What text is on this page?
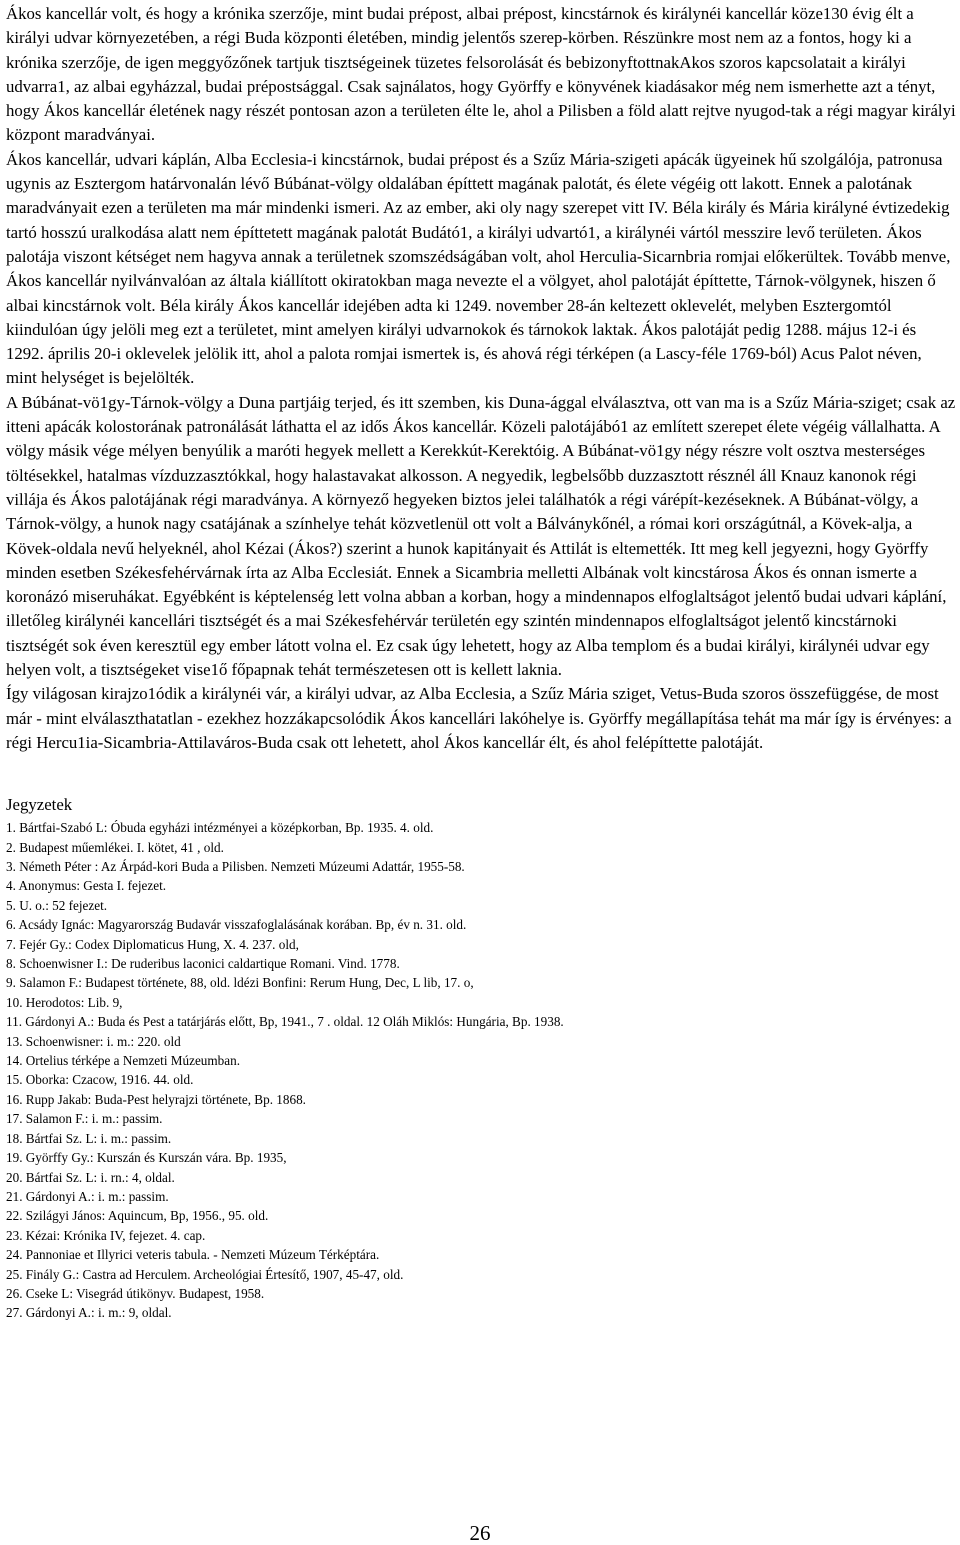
Ákos kancellár volt, és hogy a krónika szerzője, mint budai prépost, albai prépost, kincstárnok és királynéi kancellár köze130 évig élt a királyi udvar környezetében, a régi Buda központi életében, mindig jelentős szerep-körben. Részünkre most nem az a fontos, hogy ki a krónika szerzője, de igen meggyőzőnek tartjuk tisztségeinek tüzetes felsorolását és bebizonyftottnakAkos szoros kapcsolatait a királyi udvarra1, az albai egyházzal, budai prépostsággal. Csak sajnálatos, hogy Györffy e könyvének kiadásakor még nem ismerhette azt a tényt, hogy Ákos kancellár életének nagy részét pontosan azon a területen élte le, ahol a Pilisben a föld alatt rejtve nyugod-tak a régi magyar királyi központ maradványai.

Ákos kancellár, udvari káplán, Alba Ecclesia-i kincstárnok, budai prépost és a Szűz Mária-szigeti apácák ügyeinek hű szolgálója, patronusa ugynis az Esztergom határvonalán lévő Búbánat-völgy oldalában építtett magának palotát, és élete végéig ott lakott. Ennek a palotának maradványait ezen a területen ma már mindenki ismeri. Az az ember, aki oly nagy szerepet vitt IV. Béla király és Mária királyné évtizedekig tartó hosszú uralkodása alatt nem építtetett magának palotát Budátó1, a királyi udvartó1, a királynéi vártól messzire levő területen. Ákos palotája viszont kétséget nem hagyva annak a területnek szomszédságában volt, ahol Herculia-Sicarnbria romjai előkerültek. Tovább menve, Ákos kancellár nyilvánvalóan az általa kiállított okiratokban maga nevezte el a völgyet, ahol palotáját építtette, Tárnok-völgynek, hiszen ő albai kincstárnok volt. Béla király Ákos kancellár idejében adta ki 1249. november 28-án keltezett oklevelét, melyben Esztergomtól kiindulóan úgy jelöli meg ezt a területet, mint amelyen királyi udvarnokok és tárnokok laktak. Ákos palotáját pedig 1288. május 12-i és 1292. április 20-i oklevelek jelölik itt, ahol a palota romjai ismertek is, és ahová régi térképen (a Lascy-féle 1769-ból) Acus Palot néven, mint helységet is bejelölték.

A Búbánat-vö1gy-Tárnok-völgy a Duna partjáig terjed, és itt szemben, kis Duna-ággal elválasztva, ott van ma is a Szűz Mária-sziget; csak az itteni apácák kolostorának patronálását láthatta el az idős Ákos kancellár. Közeli palotájábó1 az említett szerepet élete végéig vállalhatta. A völgy másik vége mélyen benyúlik a maróti hegyek mellett a Kerekkút-Kerektóig. A Búbánat-vö1gy négy részre volt osztva mesterséges töltésekkel, hatalmas vízduzzasztókkal, hogy halastavakat alkosson. A negyedik, legbelsőbb duzzasztott résznél áll Knauz kanonok régi villája és Ákos palotájának régi maradványa. A környező hegyeken biztos jelei találhatók a régi várépít-kezéseknek. A Búbánat-völgy, a Tárnok-völgy, a hunok nagy csatájának a színhelye tehát közvetlenül ott volt a Bálványkőnél, a római kori országútnál, a Kövek-alja, a Kövek-oldala nevű helyeknél, ahol Kézai (Ákos?) szerint a hunok kapitányait és Attilát is eltemették. Itt meg kell jegyezni, hogy Györffy minden esetben Székesfehérvárnak írta az Alba Ecclesiát. Ennek a Sicambria melletti Albának volt kincstárosa Ákos és onnan ismerte a koronázó miseruhákat. Egyébként is képtelenség lett volna abban a korban, hogy a mindennapos elfoglaltságot jelentő budai udvari káplání, illetőleg királynéi kancellári tisztségét és a mai Székesfehérvár területén egy szintén mindennapos elfoglaltságot jelentő kincstárnoki tisztségét sok éven keresztül egy ember látott volna el. Ez csak úgy lehetett, hogy az Alba templom és a budai királyi, királynéi udvar egy helyen volt, a tisztségeket vise1ő főpapnak tehát természetesen ott is kellett laknia.

Így világosan kirajzo1ódik a királynéi vár, a királyi udvar, az Alba Ecclesia, a Szűz Mária sziget, Vetus-Buda szoros összefüggése, de most már - mint elválaszthatatlan - ezekhez hozzákapcsolódik Ákos kancellári lakóhelye is. Györffy megállapítása tehát ma már így is érvényes: a régi Hercu1ia-Sicambria-Attilaváros-Buda csak ott lehetett, ahol Ákos kancellár élt, és ahol felépíttette palotáját.

Jegyzetek
1. Bártfai-Szabó L: Óbuda egyházi intézményei a középkorban, Bp. 1935. 4. old.
2. Budapest műemlékei. I. kötet, 41 , old.
3. Németh Péter : Az Árpád-kori Buda a Pilisben. Nemzeti Múzeumi Adattár, 1955-58.
4. Anonymus: Gesta I. fejezet.
5. U. o.: 52 fejezet.
6. Acsády Ignác: Magyarország Budavár visszafoglalásának korában. Bp, év n. 31. old.
7. Fejér Gy.: Codex Diplomaticus Hung, X. 4. 237. old,
8. Schoenwisner I.: De ruderibus laconici caldartique Romani. Vind. 1778.
9. Salamon F.: Budapest története, 88, old. ldézi Bonfini: Rerum Hung, Dec, L lib, 17. o,
10. Herodotos: Lib. 9,
11. Gárdonyi A.: Buda és Pest a tatárjárás előtt, Bp, 1941., 7 . oldal. 12 Oláh Miklós: Hungária, Bp. 1938.
13. Schoenwisner: i. m.: 220. old
14. Ortelius térképe a Nemzeti Múzeumban.
15. Oborka: Czacow, 1916. 44. old.
16. Rupp Jakab: Buda-Pest helyrajzi története, Bp. 1868.
17. Salamon F.: i. m.: passim.
18. Bártfai Sz. L: i. m.: passim.
19. Györffy Gy.: Kurszán és Kurszán vára. Bp. 1935,
20. Bártfai Sz. L: i. rn.: 4, oldal.
21. Gárdonyi A.: i. m.: passim.
22. Szilágyi János: Aquincum, Bp, 1956., 95. old.
23. Kézai: Krónika IV, fejezet. 4. cap.
24. Pannoniae et Illyrici veteris tabula. - Nemzeti Múzeum Térképtára.
25. Finály G.: Castra ad Herculem. Archeológiai Értesítő, 1907, 45-47, old.
26. Cseke L: Visegrád útikönyv. Budapest, 1958.
27. Gárdonyi A.: i. m.: 9, oldal.
26
